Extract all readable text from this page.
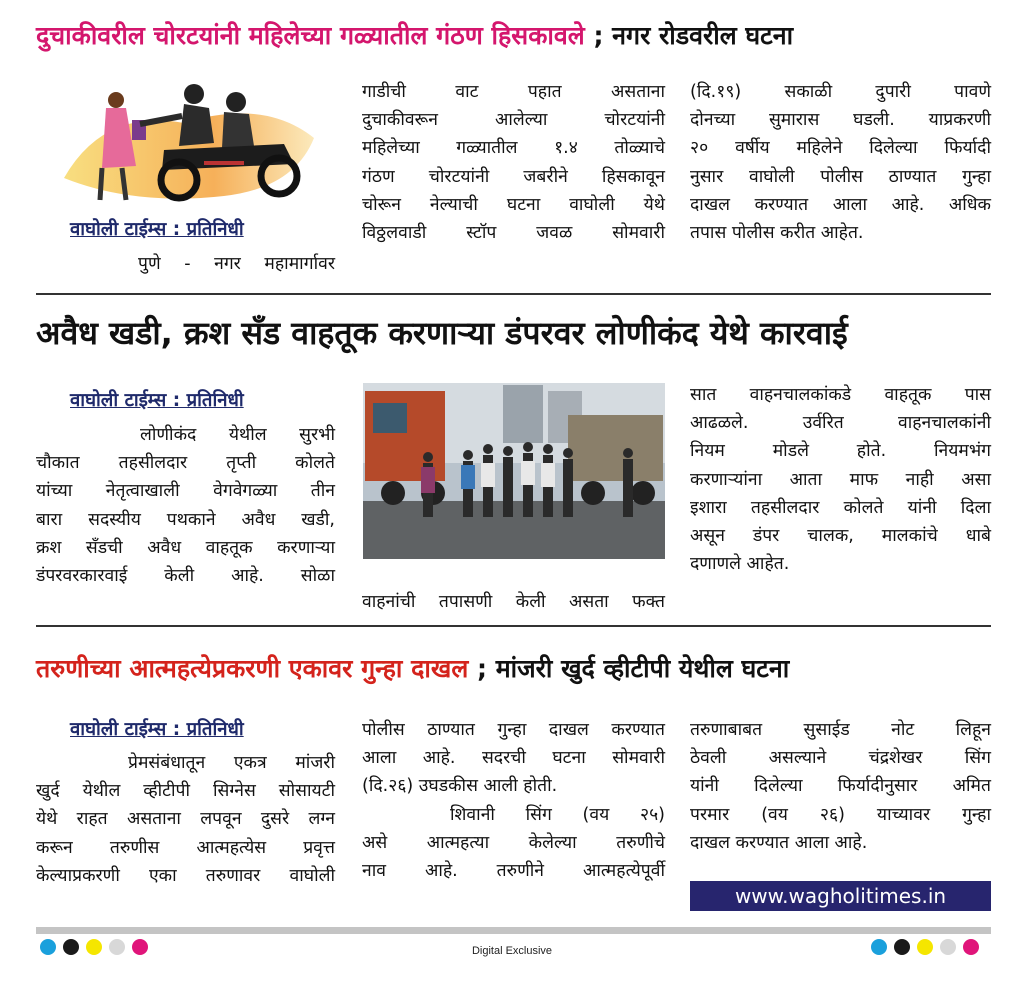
दुचाकीवरील चोरटयांनी महिलेच्या गळ्यातील गंठण हिसकावले ; नगर रोडवरील घटना
वाघोली टाईम्स : प्रतिनिधी

पुणे - नगर महामार्गावर

गाडीची वाट पहात असताना

दुचाकीवरून आलेल्या चोरटयांनी

महिलेच्या गळ्यातील १.४ तोळ्याचे

गंठण चोरटयांनी जबरीने हिसकावून

चोरून नेल्याची घटना वाघोली येथे

विठ्ठलवाडी स्टॉप जवळ सोमवारी

(दि.१९) सकाळी दुपारी पावणे

दोनच्या सुमारास घडली. याप्रकरणी

२० वर्षीय महिलेने दिलेल्या फिर्यादी

नुसार वाघोली पोलीस ठाण्यात गुन्हा

दाखल करण्यात आला आहे. अधिक

तपास पोलीस करीत आहेत.

अवैध खडी, क्रश सँड वाहतूक करणाऱ्या डंपरवर लोणीकंद येथे कारवाई
वाघोली टाईम्स : प्रतिनिधी

लोणीकंद येथील सुरभी

चौकात तहसीलदार तृप्ती कोलते

यांच्या नेतृत्वाखाली वेगवेगळ्या तीन

बारा सदस्यीय पथकाने अवैध खडी,

क्रश सँडची अवैध वाहतूक करणाऱ्या

डंपरवरकारवाई केली आहे. सोळा

वाहनांची तपासणी केली असता फक्त

सात वाहनचालकांकडे वाहतूक पास

आढळले. उर्वरित वाहनचालकांनी

नियम मोडले होते. नियमभंग

करणाऱ्यांना आता माफ नाही असा

इशारा तहसीलदार कोलते यांनी दिला

असून डंपर चालक, मालकांचे धाबे

दणाणले आहेत.

तरुणीच्या आत्महत्येप्रकरणी एकावर गुन्हा दाखल ; मांजरी खुर्द व्हीटीपी येथील घटना
वाघोली टाईम्स : प्रतिनिधी

प्रेमसंबंधातून एकत्र मांजरी

खुर्द येथील व्हीटीपी सिग्नेस सोसायटी

येथे राहत असताना लपवून दुसरे लग्न

करून तरुणीस आत्महत्येस प्रवृत्त

केल्याप्रकरणी एका तरुणावर वाघोली

पोलीस ठाण्यात गुन्हा दाखल करण्यात

आला आहे. सदरची घटना सोमवारी

(दि.२६) उघडकीस आली होती.

शिवानी सिंग (वय २५)

असे आत्महत्या केलेल्या तरुणीचे

नाव आहे. तरुणीने आत्महत्येपूर्वी

तरुणाबाबत सुसाईड नोट लिहून

ठेवली असल्याने चंद्रशेखर सिंग

यांनी दिलेल्या फिर्यादीनुसार अमित

परमार (वय २६) याच्यावर गुन्हा

दाखल करण्यात आला आहे.

www.wagholitimes.in
Digital Exclusive
